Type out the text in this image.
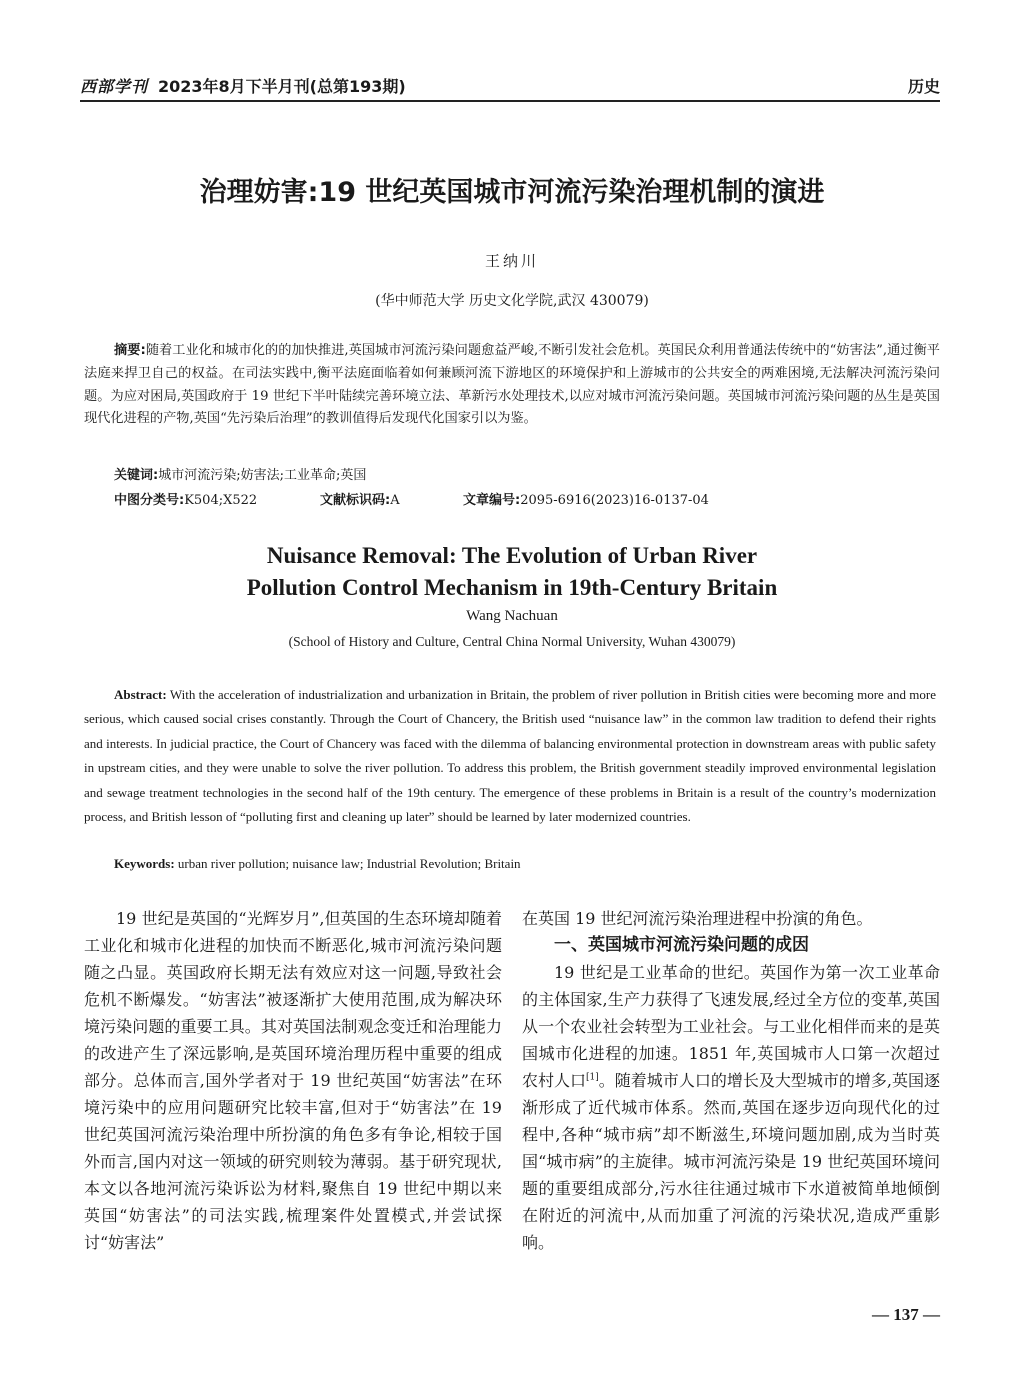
西部学刊 2023年8月下半月刊(总第193期)	历史
治理妨害:19 世纪英国城市河流污染治理机制的演进
王纳川
(华中师范大学 历史文化学院,武汉 430079)

摘要:随着工业化和城市化的的加快推进,英国城市河流污染问题愈益严峻,不断引发社会危机。英国民众利用普通法传统中的“妨害法”,通过衡平法庭来捍卫自己的权益。在司法实践中,衡平法庭面临着如何兼顾河流下游地区的环境保护和上游城市的公共安全的两难困境,无法解决河流污染问题。为应对困局,英国政府于 19 世纪下半叶陆续完善环境立法、革新污水处理技术,以应对城市河流污染问题。英国城市河流污染问题的丛生是英国现代化进程的产物,英国“先污染后治理”的教训值得后发现代化国家引以为鉴。

关键词:城市河流污染;妨害法;工业革命;英国
中图分类号:K504;X522	文献标识码:A	文章编号:2095-6916(2023)16-0137-04
Nuisance Removal: The Evolution of Urban River
Pollution Control Mechanism in 19th-Century Britain
Wang Nachuan
(School of History and Culture, Central China Normal University, Wuhan 430079)

Abstract: With the acceleration of industrialization and urbanization in Britain, the problem of river pollution in British cities were becoming more and more serious, which caused social crises constantly. Through the Court of Chancery, the British used “nuisance law” in the common law tradition to defend their rights and interests. In judicial practice, the Court of Chancery was faced with the dilemma of balancing environmental protection in downstream areas with public safety in upstream cities, and they were unable to solve the river pollution. To address this problem, the British government steadily improved environmental legislation and sewage treatment technologies in the second half of the 19th century. The emergence of these problems in Britain is a result of the country’s modernization process, and British lesson of “polluting first and cleaning up later” should be learned by later modernized countries.

Keywords: urban river pollution; nuisance law; Industrial Revolution; Britain

19 世纪是英国的“光辉岁月”,但英国的生态环境却随着工业化和城市化进程的加快而不断恶化,城市河流污染问题随之凸显。英国政府长期无法有效应对这一问题,导致社会危机不断爆发。“妨害法”被逐渐扩大使用范围,成为解决环境污染问题的重要工具。其对英国法制观念变迁和治理能力的改进产生了深远影响,是英国环境治理历程中重要的组成部分。总体而言,国外学者对于 19 世纪英国“妨害法”在环境污染中的应用问题研究比较丰富,但对于“妨害法”在 19 世纪英国河流污染治理中所扮演的角色多有争论,相较于国外而言,国内对这一领域的研究则较为薄弱。基于研究现状,本文以各地河流污染诉讼为材料,聚焦自 19 世纪中期以来英国“妨害法”的司法实践,梳理案件处置模式,并尝试探讨“妨害法”

在英国 19 世纪河流污染治理进程中扮演的角色。

一、英国城市河流污染问题的成因

19 世纪是工业革命的世纪。英国作为第一次工业革命的主体国家,生产力获得了飞速发展,经过全方位的变革,英国从一个农业社会转型为工业社会。与工业化相伴而来的是英国城市化进程的加速。1851 年,英国城市人口第一次超过农村人口[1]。随着城市人口的增长及大型城市的增多,英国逐渐形成了近代城市体系。然而,英国在逐步迈向现代化的过程中,各种“城市病”却不断滋生,环境问题加剧,成为当时英国“城市病”的主旋律。城市河流污染是 19 世纪英国环境问题的重要组成部分,污水往往通过城市下水道被简单地倾倒在附近的河流中,从而加重了河流的污染状况,造成严重影响。

— 137 —
